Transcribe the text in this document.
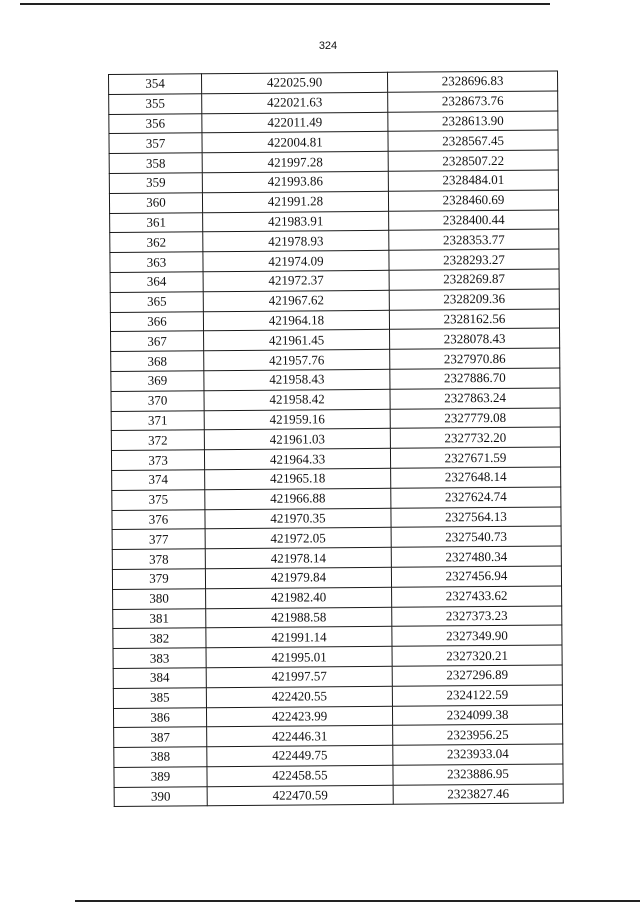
324
354	422025.90	2328696.83
355	422021.63	2328673.76
356	422011.49	2328613.90
357	422004.81	2328567.45
358	421997.28	2328507.22
359	421993.86	2328484.01
360	421991.28	2328460.69
361	421983.91	2328400.44
362	421978.93	2328353.77
363	421974.09	2328293.27
364	421972.37	2328269.87
365	421967.62	2328209.36
366	421964.18	2328162.56
367	421961.45	2328078.43
368	421957.76	2327970.86
369	421958.43	2327886.70
370	421958.42	2327863.24
371	421959.16	2327779.08
372	421961.03	2327732.20
373	421964.33	2327671.59
374	421965.18	2327648.14
375	421966.88	2327624.74
376	421970.35	2327564.13
377	421972.05	2327540.73
378	421978.14	2327480.34
379	421979.84	2327456.94
380	421982.40	2327433.62
381	421988.58	2327373.23
382	421991.14	2327349.90
383	421995.01	2327320.21
384	421997.57	2327296.89
385	422420.55	2324122.59
386	422423.99	2324099.38
387	422446.31	2323956.25
388	422449.75	2323933.04
389	422458.55	2323886.95
390	422470.59	2323827.46
